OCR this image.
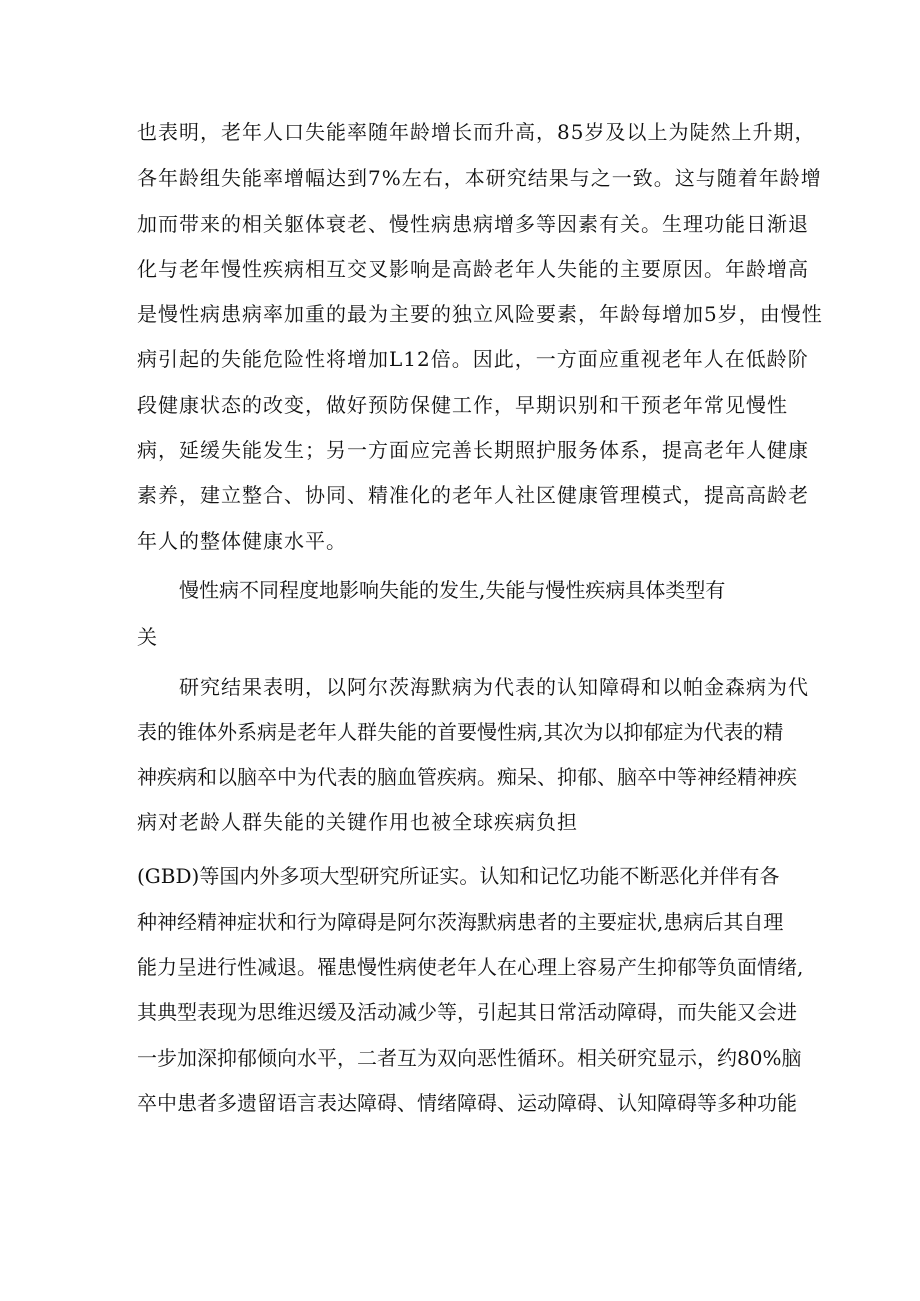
也表明，老年人口失能率随年龄增长而升高，85岁及以上为陡然上升期，
各年龄组失能率增幅达到7%左右，本研究结果与之一致。这与随着年龄增
加而带来的相关躯体衰老、慢性病患病增多等因素有关。生理功能日渐退
化与老年慢性疾病相互交叉影响是高龄老年人失能的主要原因。年龄增高
是慢性病患病率加重的最为主要的独立风险要素，年龄每增加5岁，由慢性
病引起的失能危险性将增加L12倍。因此，一方面应重视老年人在低龄阶
段健康状态的改变，做好预防保健工作，早期识别和干预老年常见慢性
病，延缓失能发生；另一方面应完善长期照护服务体系，提高老年人健康
素养，建立整合、协同、精准化的老年人社区健康管理模式，提高高龄老
年人的整体健康水平。
慢性病不同程度地影响失能的发生,失能与慢性疾病具体类型有
关
研究结果表明，以阿尔茨海默病为代表的认知障碍和以帕金森病为代
表的锥体外系病是老年人群失能的首要慢性病,其次为以抑郁症为代表的精
神疾病和以脑卒中为代表的脑血管疾病。痴呆、抑郁、脑卒中等神经精神疾
病对老龄人群失能的关键作用也被全球疾病负担
(GBD)等国内外多项大型研究所证实。认知和记忆功能不断恶化并伴有各
种神经精神症状和行为障碍是阿尔茨海默病患者的主要症状,患病后其自理
能力呈进行性减退。罹患慢性病使老年人在心理上容易产生抑郁等负面情绪,
其典型表现为思维迟缓及活动减少等，引起其日常活动障碍，而失能又会进
一步加深抑郁倾向水平，二者互为双向恶性循环。相关研究显示，约80%脑
卒中患者多遗留语言表达障碍、情绪障碍、运动障碍、认知障碍等多种功能
